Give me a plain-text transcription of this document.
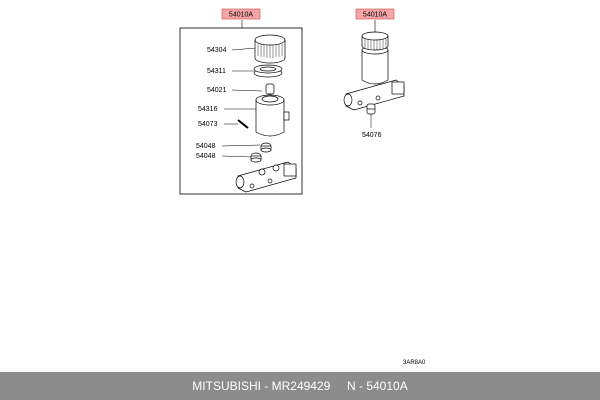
54010A
54304
54311
54021
54316
54073
54048
54048
54010A
54076
3AR8A0
MITSUBISHI - MR249429     N - 54010A
